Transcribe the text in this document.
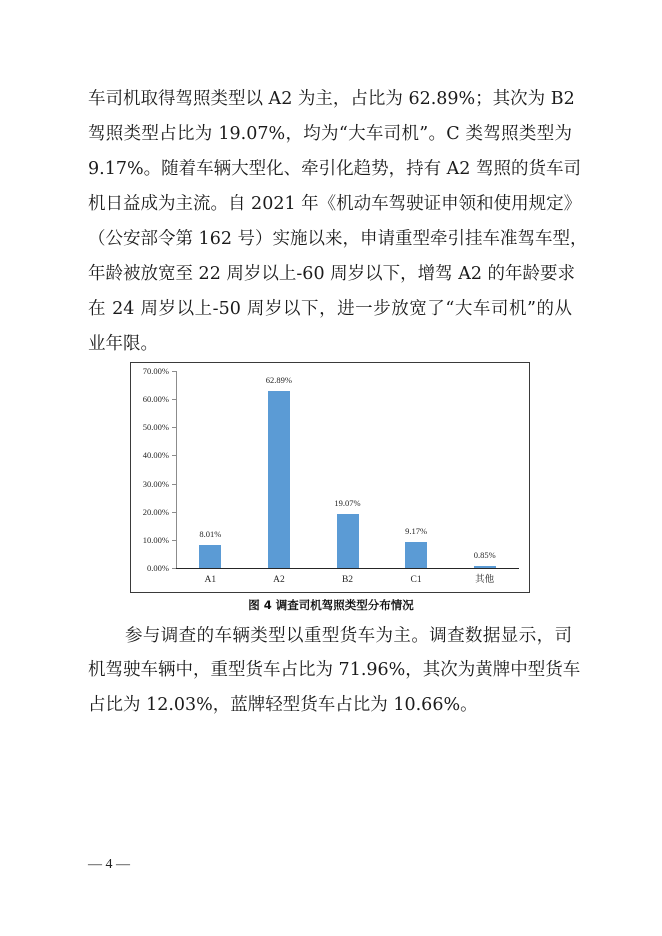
车司机取得驾照类型以 A2 为主，占比为 62.89%；其次为 B2
驾照类型占比为 19.07%，均为“大车司机”。C 类驾照类型为
9.17%。随着车辆大型化、牵引化趋势，持有 A2 驾照的货车司
机日益成为主流。自 2021 年《机动车驾驶证申领和使用规定》
（公安部令第 162 号）实施以来，申请重型牵引挂车准驾车型，
年龄被放宽至 22 周岁以上-60 周岁以下，增驾 A2 的年龄要求
在 24 周岁以上-50 周岁以下，进一步放宽了“大车司机”的从
业年限。
0.00%
10.00%
20.00%
30.00%
40.00%
50.00%
60.00%
70.00%
8.01%
A1
62.89%
A2
19.07%
B2
9.17%
C1
0.85%
其他
图 4 调查司机驾照类型分布情况
参与调查的车辆类型以重型货车为主。调查数据显示，司
机驾驶车辆中，重型货车占比为 71.96%，其次为黄牌中型货车
占比为 12.03%，蓝牌轻型货车占比为 10.66%。
— 4 —
